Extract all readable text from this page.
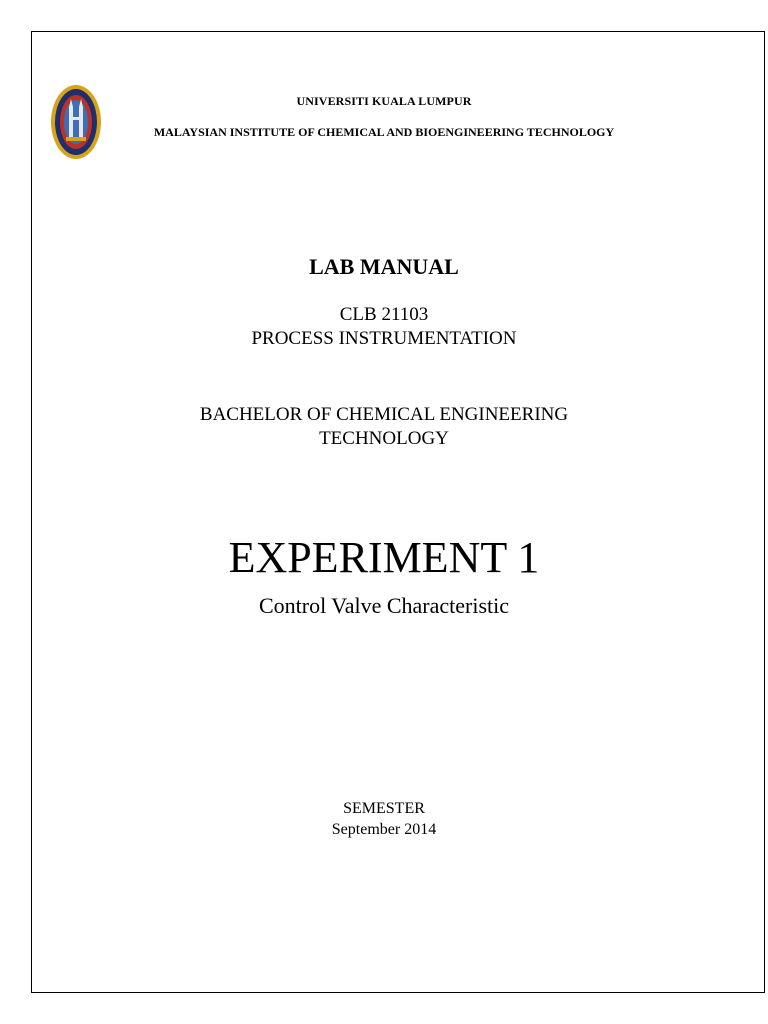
UNIVERSITI KUALA LUMPUR
MALAYSIAN INSTITUTE OF CHEMICAL AND BIOENGINEERING TECHNOLOGY
LAB MANUAL
CLB 21103
PROCESS INSTRUMENTATION
BACHELOR OF CHEMICAL ENGINEERING
TECHNOLOGY
EXPERIMENT 1
Control Valve Characteristic
SEMESTER
September 2014
